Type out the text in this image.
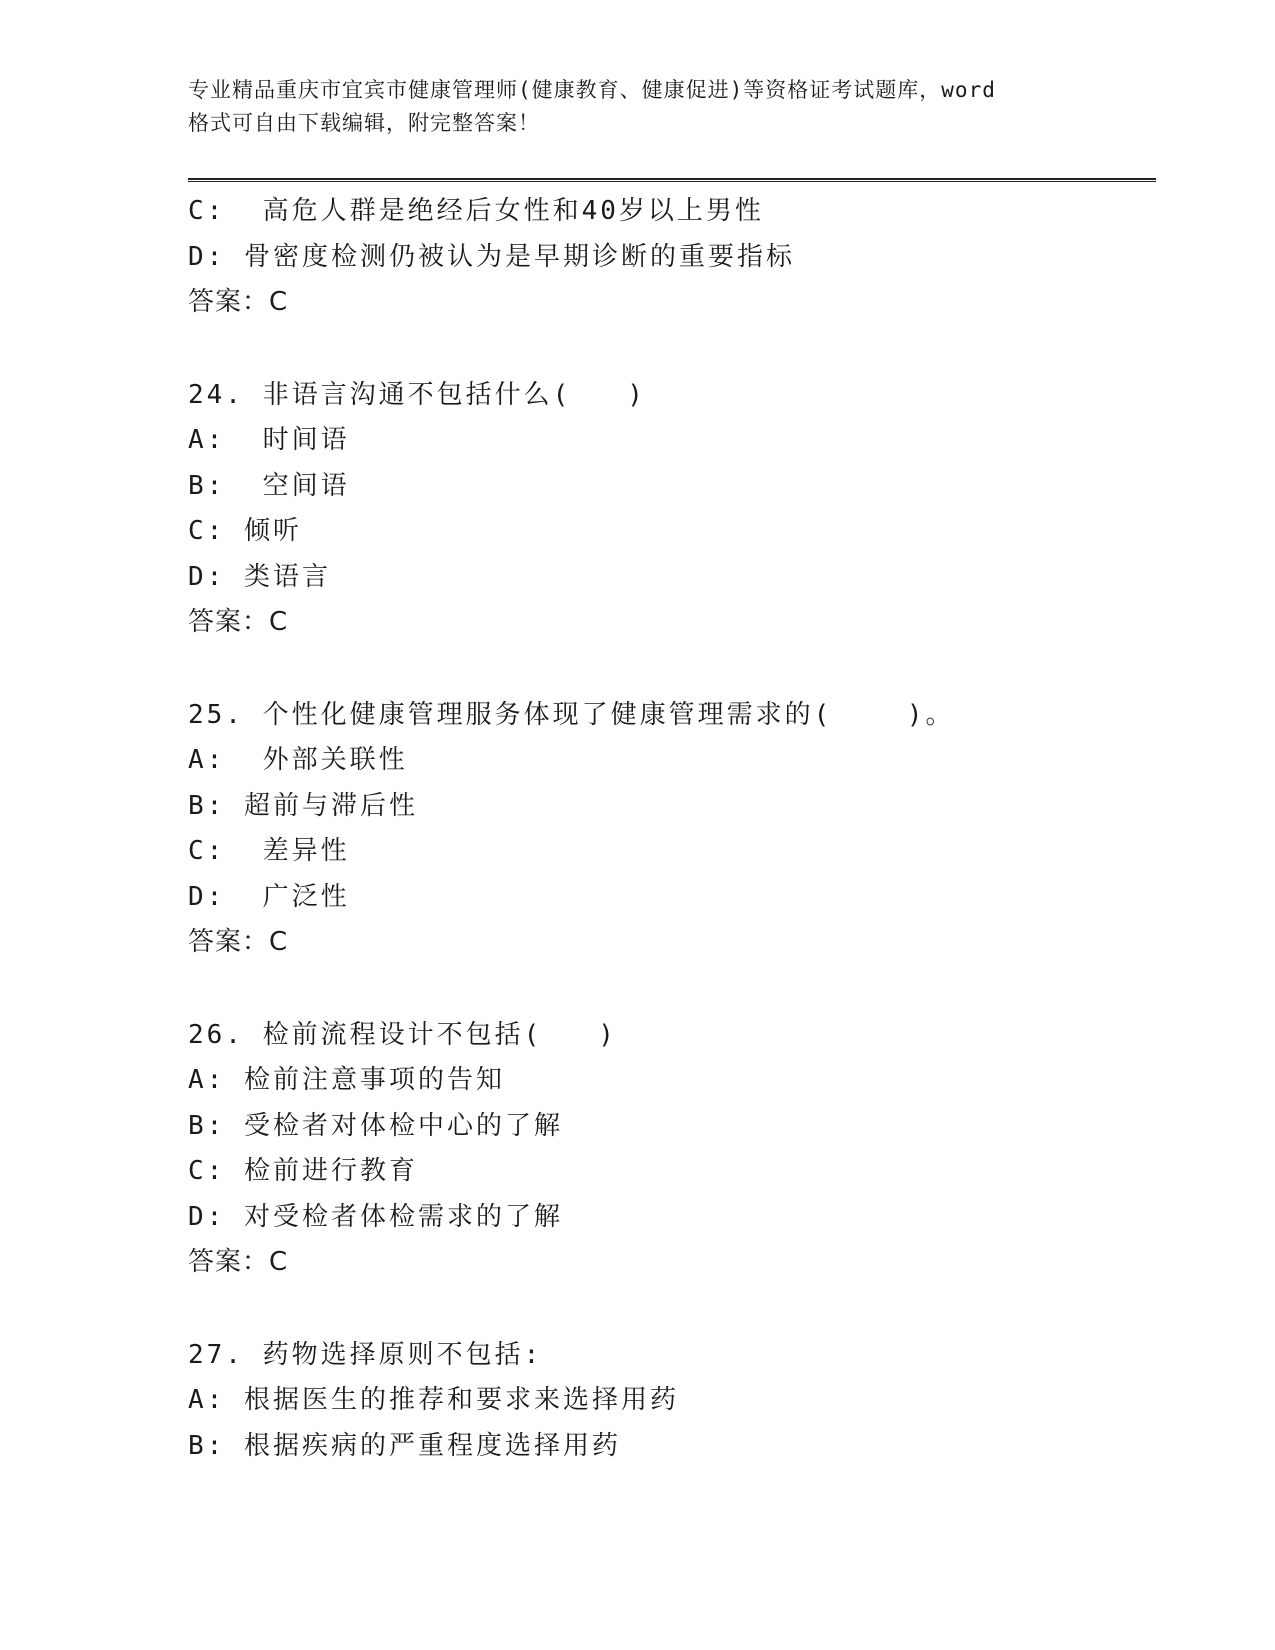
专业精品重庆市宜宾市健康管理师(健康教育、健康促进)等资格证考试题库，word
格式可自由下载编辑，附完整答案！
C:  高危人群是绝经后女性和40岁以上男性
D: 骨密度检测仍被认为是早期诊断的重要指标
答案：C
24. 非语言沟通不包括什么(   )
A:  时间语
B:  空间语
C: 倾听
D: 类语言
答案：C
25. 个性化健康管理服务体现了健康管理需求的(    )。
A:  外部关联性
B: 超前与滞后性
C:  差异性
D:  广泛性
答案：C
26. 检前流程设计不包括(   )
A: 检前注意事项的告知
B: 受检者对体检中心的了解
C: 检前进行教育
D: 对受检者体检需求的了解
答案：C
27. 药物选择原则不包括:
A: 根据医生的推荐和要求来选择用药
B: 根据疾病的严重程度选择用药
